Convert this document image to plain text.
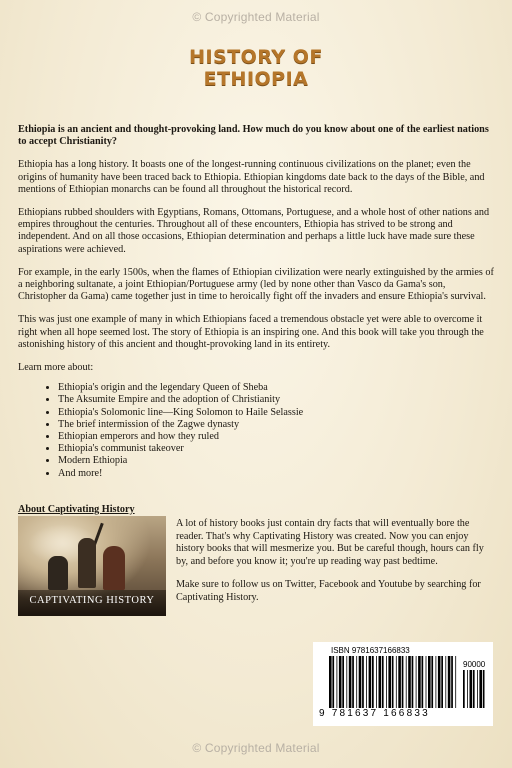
© Copyrighted Material
HISTORY OF
ETHIOPIA

Ethiopia is an ancient and thought-provoking land. How much do you know about one of the earliest nations to accept Christianity?

Ethiopia has a long history. It boasts one of the longest-running continuous civilizations on the planet; even the origins of humanity have been traced back to Ethiopia. Ethiopian kingdoms date back to the days of the Bible, and mentions of Ethiopian monarchs can be found all throughout the historical record.

Ethiopians rubbed shoulders with Egyptians, Romans, Ottomans, Portuguese, and a whole host of other nations and empires throughout the centuries. Throughout all of these encounters, Ethiopia has strived to be strong and independent. And on all those occasions, Ethiopian determination and perhaps a little luck have made sure these aspirations were achieved.

For example, in the early 1500s, when the flames of Ethiopian civilization were nearly extinguished by the armies of a neighboring sultanate, a joint Ethiopian/Portuguese army (led by none other than Vasco da Gama's son, Christopher da Gama) came together just in time to heroically fight off the invaders and ensure Ethiopia's survival.

This was just one example of many in which Ethiopians faced a tremendous obstacle yet were able to overcome it right when all hope seemed lost. The story of Ethiopia is an inspiring one. And this book will take you through the astonishing history of this ancient and thought-provoking land in its entirety.

Learn more about:

• Ethiopia's origin and the legendary Queen of Sheba
• The Aksumite Empire and the adoption of Christianity
• Ethiopia's Solomonic line—King Solomon to Haile Selassie
• The brief intermission of the Zagwe dynasty
• Ethiopian emperors and how they ruled
• Ethiopia's communist takeover
• Modern Ethiopia
• And more!
About Captivating History
CAPTIVATING HISTORY

A lot of history books just contain dry facts that will eventually bore the reader. That's why Captivating History was created. Now you can enjoy history books that will mesmerize you. But be careful though, hours can fly by, and before you know it; you're up reading way past bedtime.

Make sure to follow us on Twitter, Facebook and Youtube by searching for Captivating History.

ISBN 9781637166833
90000
9 781637 166833
© Copyrighted Material
